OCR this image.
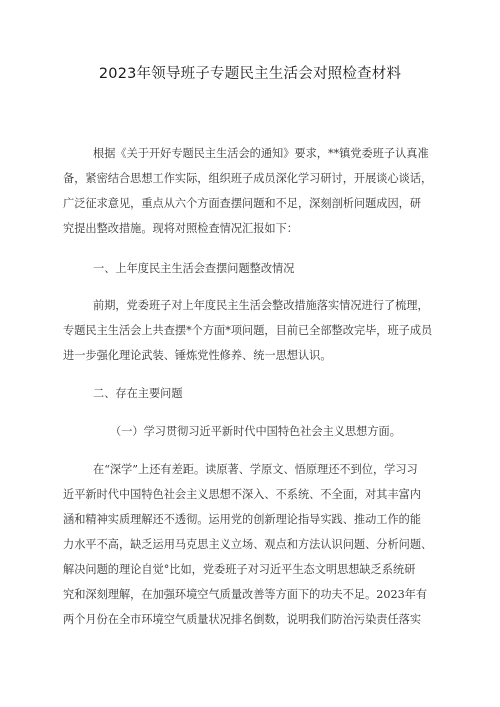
2023年领导班子专题民主生活会对照检查材料
根据《关于开好专题民主生活会的通知》要求，**镇党委班子认真准
备，紧密结合思想工作实际，组织班子成员深化学习研讨，开展谈心谈话，
广泛征求意见，重点从六个方面查摆问题和不足，深刻剖析问题成因，研
究提出整改措施。现将对照检查情况汇报如下：
一、上年度民主生活会查摆问题整改情况
前期，党委班子对上年度民主生活会整改措施落实情况进行了梳理，
专题民主生活会上共查摆*个方面*项问题，目前已全部整改完毕，班子成员
进一步强化理论武装、锤炼党性修养、统一思想认识。
二、存在主要问题
（一）学习贯彻习近平新时代中国特色社会主义思想方面。
在“深学”上还有差距。读原著、学原文、悟原理还不到位，学习习
近平新时代中国特色社会主义思想不深入、不系统、不全面，对其丰富内
涵和精神实质理解还不透彻。运用党的创新理论指导实践、推动工作的能
力水平不高，缺乏运用马克思主义立场、观点和方法认识问题、分析问题、
解决问题的理论自觉°比如，党委班子对习近平生态文明思想缺乏系统研
究和深刻理解，在加强环境空气质量改善等方面下的功夫不足。2023年有
两个月份在全市环境空气质量状况排名倒数，说明我们防治污染责任落实
